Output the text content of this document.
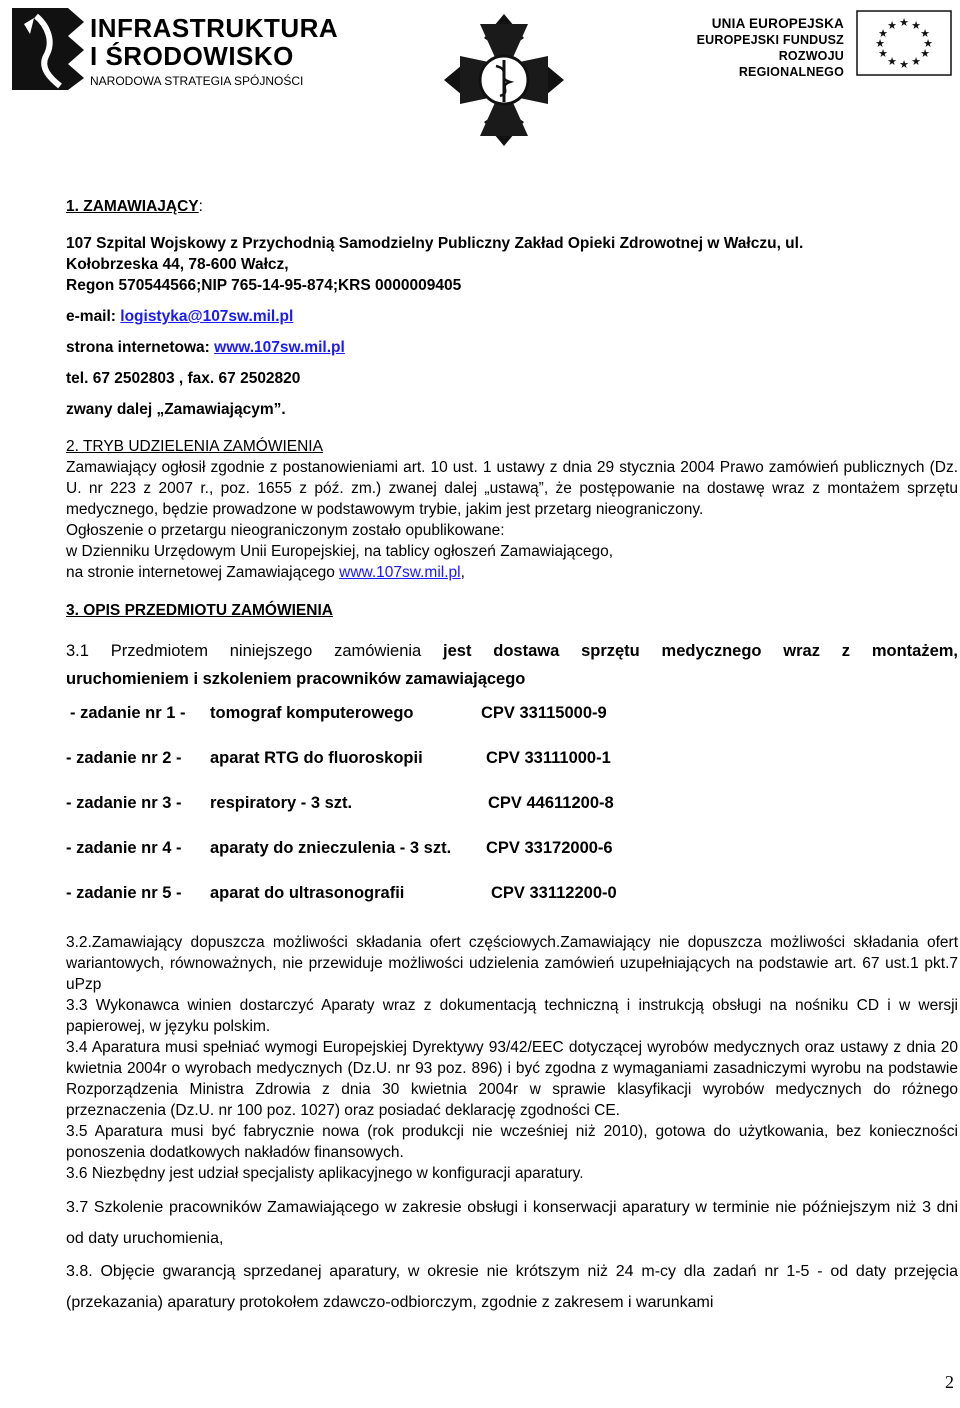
INFRASTRUKTURA
I ŚRODOWISKO
NARODOWA STRATEGIA SPÓJNOŚCI
UNIA EUROPEJSKA
EUROPEJSKI FUNDUSZ
ROZWOJU REGIONALNEGO
★ ★
★
★
★
★
★
★
★
★
★
★

1. ZAMAWIAJĄCY:

107 Szpital Wojskowy z Przychodnią Samodzielny Publiczny Zakład Opieki Zdrowotnej w Wałczu, ul.

Kołobrzeska 44, 78-600 Wałcz,

Regon 570544566;NIP 765-14-95-874;KRS 0000009405

e-mail: logistyka@107sw.mil.pl

strona internetowa: www.107sw.mil.pl

tel. 67 2502803 , fax. 67 2502820

zwany dalej „Zamawiającym”.

2. TRYB UDZIELENIA ZAMÓWIENIA

Zamawiający ogłosił zgodnie z postanowieniami art. 10 ust. 1 ustawy z dnia 29 stycznia 2004 Prawo zamówień publicznych (Dz. U. nr 223 z 2007 r., poz. 1655 z póź. zm.) zwanej dalej „ustawą”, że postępowanie na dostawę wraz z montażem sprzętu medycznego, będzie prowadzone w podstawowym trybie, jakim jest przetarg nieograniczony.

Ogłoszenie o przetargu nieograniczonym zostało opublikowane:

w Dzienniku Urzędowym Unii Europejskiej, na tablicy ogłoszeń Zamawiającego,

na stronie internetowej Zamawiającego www.107sw.mil.pl,

3. OPIS PRZEDMIOTU ZAMÓWIENIA

3.1 Przedmiotem niniejszego zamówienia jest dostawa sprzętu medycznego wraz z montażem,

uruchomieniem i szkoleniem pracowników zamawiającego

- zadanie nr 1 - tomograf komputerowego	CPV 33115000-9
- zadanie nr 2 - aparat RTG do fluoroskopii	CPV 33111000-1
- zadanie nr 3 - respiratory - 3 szt.	CPV 44611200-8
- zadanie nr 4 - aparaty do znieczulenia - 3 szt. CPV 33172000-6
- zadanie nr 5 - aparat do ultrasonografii	CPV 33112200-0

3.2.Zamawiający dopuszcza możliwości składania ofert częściowych.Zamawiający nie dopuszcza możliwości składania ofert wariantowych, równoważnych, nie przewiduje możliwości udzielenia zamówień uzupełniających na podstawie art. 67 ust.1 pkt.7 uPzp

3.3 Wykonawca winien dostarczyć Aparaty wraz z dokumentacją techniczną i instrukcją obsługi na nośniku CD i w wersji papierowej, w języku polskim.

3.4 Aparatura musi spełniać wymogi Europejskiej Dyrektywy 93/42/EEC dotyczącej wyrobów medycznych oraz ustawy z dnia 20 kwietnia 2004r o wyrobach medycznych (Dz.U. nr 93 poz. 896) i być zgodna z wymaganiami zasadniczymi wyrobu na podstawie Rozporządzenia Ministra Zdrowia z dnia 30 kwietnia 2004r w sprawie klasyfikacji wyrobów medycznych do różnego przeznaczenia (Dz.U. nr 100 poz. 1027) oraz posiadać deklarację zgodności CE.

3.5 Aparatura musi być fabrycznie nowa (rok produkcji nie wcześniej niż 2010), gotowa do użytkowania, bez konieczności ponoszenia dodatkowych nakładów finansowych.

3.6 Niezbędny jest udział specjalisty aplikacyjnego w konfiguracji aparatury.

3.7 Szkolenie pracowników Zamawiającego w zakresie obsługi i konserwacji aparatury w terminie nie późniejszym niż 3 dni od daty uruchomienia,

3.8. Objęcie gwarancją sprzedanej aparatury, w okresie nie krótszym niż 24 m-cy dla zadań nr 1-5 - od daty przejęcia (przekazania) aparatury protokołem zdawczo-odbiorczym, zgodnie z zakresem i warunkami

2
